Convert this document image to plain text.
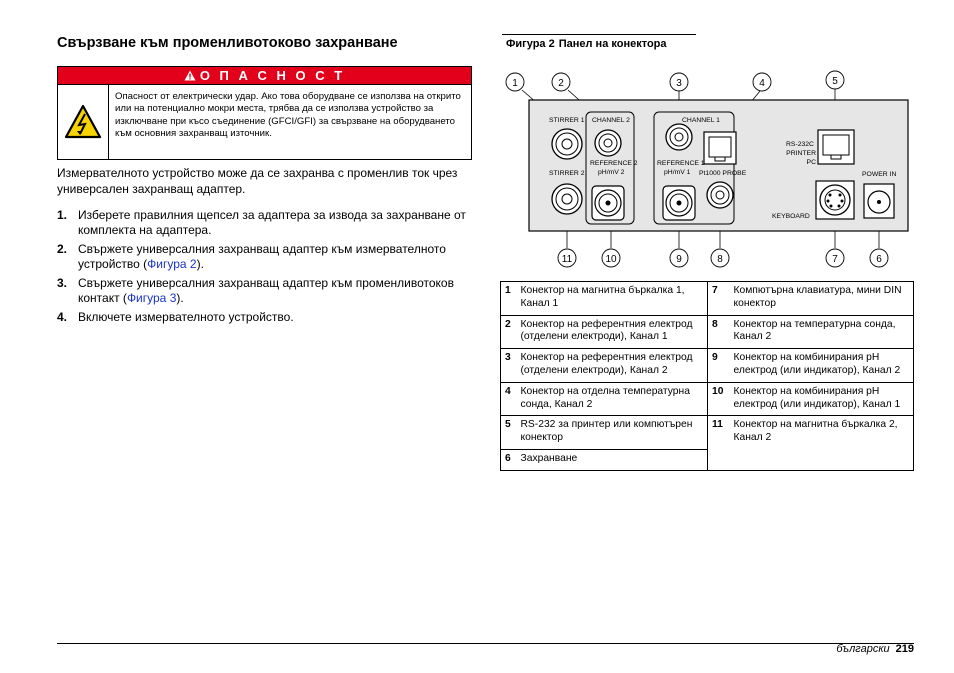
Свързване към променливотоково захранване
О П А С Н О С Т
Опасност от електрически удар. Ако това оборудване се използва на открито или на потенциално мокри места, трябва да се използва устройство за изключване при късо съединение (GFCI/GFI) за свързване на оборудването към основния захранващ източник.
Измервателното устройство може да се захранва с променлив ток чрез универсален захранващ адаптер.
1. Изберете правилния щепсел за адаптера за извода за захранване от комплекта на адаптера.
2. Свържете универсалния захранващ адаптер към измервателното устройство (Фигура 2).
3. Свържете универсалния захранващ адаптер към променливотоков контакт (Фигура 3).
4. Включете измервателното устройство.
Фигура 2 Панел на конектора
STIRRER 1
STIRRER 2
CHANNEL 2
REFERENCE 2
pH/mV 2
CHANNEL 1
REFERENCE 1
pH/mV 1 Pt1000 PROBE
RS-232C
PRINTER
PC
KEYBOARD
POWER IN
1	2	3	4	5
6
7
8
9
10
11
1	Конектор на магнитна бъркалка 1, Канал 1	7	Компютърна клавиатура, мини DIN конектор
2	Конектор на референтния електрод (отделени електроди), Канал 1	8	Конектор на температурна сонда, Канал 2
3	Конектор на референтния електрод (отделени електроди), Канал 2	9	Конектор на комбинирания pH електрод (или индикатор), Канал 2
4	Конектор на отделна температурна сонда, Канал 2	10	Конектор на комбинирания pH електрод (или индикатор), Канал 1
5	RS-232 за принтер или компютърен конектор	11	Конектор на магнитна бъркалка 2, Канал 2
6	Захранване		
български 219
